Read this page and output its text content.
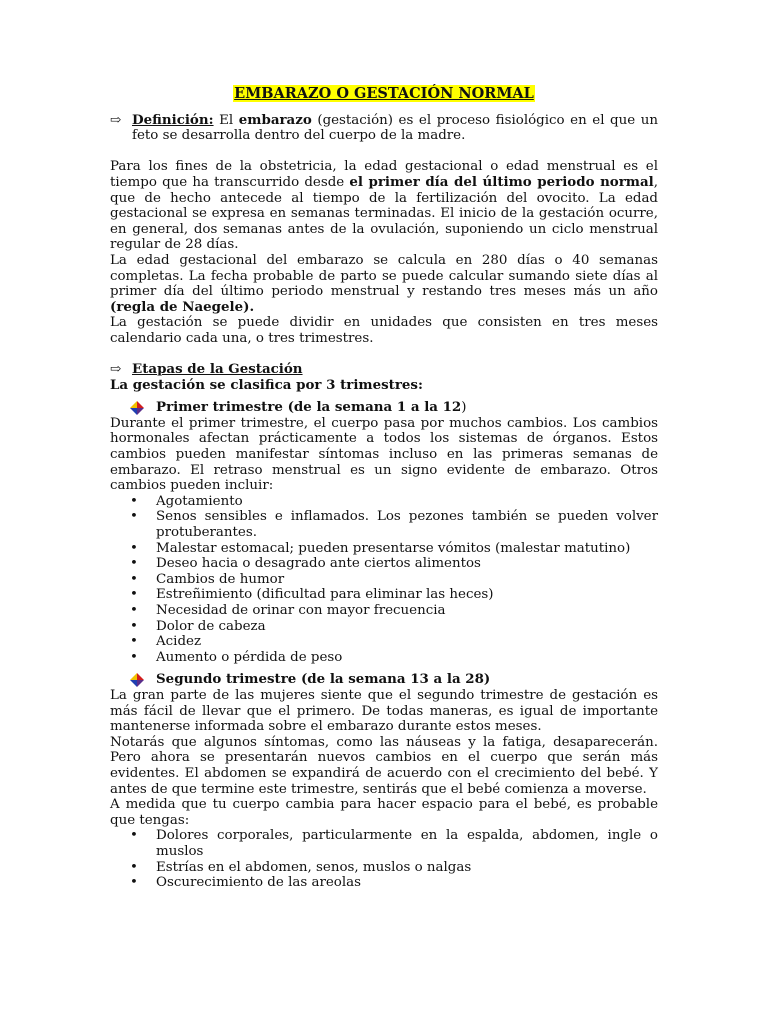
EMBARAZO O GESTACIÓN NORMAL
⇨ Definición: El embarazo (gestación) es el proceso fisiológico en el que un feto se desarrolla dentro del cuerpo de la madre.

Para los fines de la obstetricia, la edad gestacional o edad menstrual es el tiempo que ha transcurrido desde el primer día del último periodo normal, que de hecho antecede al tiempo de la fertilización del ovocito. La edad gestacional se expresa en semanas terminadas. El inicio de la gestación ocurre, en general, dos semanas antes de la ovulación, suponiendo un ciclo menstrual regular de 28 días.

La edad gestacional del embarazo se calcula en 280 días o 40 semanas completas. La fecha probable de parto se puede calcular sumando siete días al primer día del último periodo menstrual y restando tres meses más un año (regla de Naegele).

La gestación se puede dividir en unidades que consisten en tres meses calendario cada una, o tres trimestres.

⇨ Etapas de la Gestación
La gestación se clasifica por 3 trimestres:
Primer trimestre (de la semana 1 a la 12)

Durante el primer trimestre, el cuerpo pasa por muchos cambios. Los cambios hormonales afectan prácticamente a todos los sistemas de órganos. Estos cambios pueden manifestar síntomas incluso en las primeras semanas de embarazo. El retraso menstrual es un signo evidente de embarazo. Otros cambios pueden incluir:

•	Agotamiento
•	Senos sensibles e inflamados. Los pezones también se pueden volver protuberantes.
•	Malestar estomacal; pueden presentarse vómitos (malestar matutino)
•	Deseo hacia o desagrado ante ciertos alimentos
•	Cambios de humor
•	Estreñimiento (dificultad para eliminar las heces)
•	Necesidad de orinar con mayor frecuencia
•	Dolor de cabeza
•	Acidez
•	Aumento o pérdida de peso
Segundo trimestre (de la semana 13 a la 28)

La gran parte de las mujeres siente que el segundo trimestre de gestación es más fácil de llevar que el primero. De todas maneras, es igual de importante mantenerse informada sobre el embarazo durante estos meses.

Notarás que algunos síntomas, como las náuseas y la fatiga, desaparecerán. Pero ahora se presentarán nuevos cambios en el cuerpo que serán más evidentes. El abdomen se expandirá de acuerdo con el crecimiento del bebé. Y antes de que termine este trimestre, sentirás que el bebé comienza a moverse.

A medida que tu cuerpo cambia para hacer espacio para el bebé, es probable que tengas:

•	Dolores corporales, particularmente en la espalda, abdomen, ingle o muslos
•	Estrías en el abdomen, senos, muslos o nalgas
•	Oscurecimiento de las areolas
